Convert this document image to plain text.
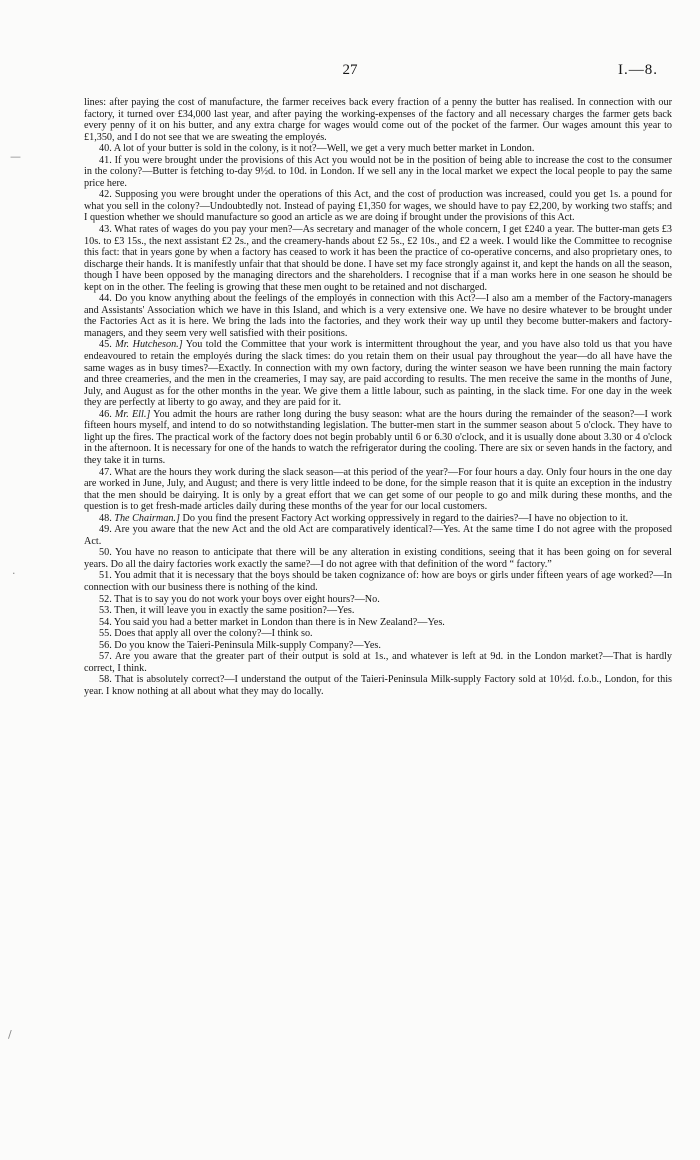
27	I.—8.
—
·
/

lines: after paying the cost of manufacture, the farmer receives back every fraction of a penny the butter has realised. In connection with our factory, it turned over £34,000 last year, and after paying the working-expenses of the factory and all necessary charges the farmer gets back every penny of it on his butter, and any extra charge for wages would come out of the pocket of the farmer. Our wages amount this year to £1,350, and I do not see that we are sweating the employés.

40. A lot of your butter is sold in the colony, is it not?—Well, we get a very much better market in London.

41. If you were brought under the provisions of this Act you would not be in the position of being able to increase the cost to the consumer in the colony?—Butter is fetching to-day 9½d. to 10d. in London. If we sell any in the local market we expect the local people to pay the same price here.

42. Supposing you were brought under the operations of this Act, and the cost of production was increased, could you get 1s. a pound for what you sell in the colony?—Undoubtedly not. Instead of paying £1,350 for wages, we should have to pay £2,200, by working two staffs; and I question whether we should manufacture so good an article as we are doing if brought under the provisions of this Act.

43. What rates of wages do you pay your men?—As secretary and manager of the whole concern, I get £240 a year. The butter-man gets £3 10s. to £3 15s., the next assistant £2 2s., and the creamery-hands about £2 5s., £2 10s., and £2 a week. I would like the Committee to recognise this fact: that in years gone by when a factory has ceased to work it has been the practice of co-operative concerns, and also proprietary ones, to discharge their hands. It is manifestly unfair that that should be done. I have set my face strongly against it, and kept the hands on all the season, though I have been opposed by the managing directors and the shareholders. I recognise that if a man works here in one season he should be kept on in the other. The feeling is growing that these men ought to be retained and not discharged.

44. Do you know anything about the feelings of the employés in connection with this Act?—I also am a member of the Factory-managers and Assistants' Association which we have in this Island, and which is a very extensive one. We have no desire whatever to be brought under the Factories Act as it is here. We bring the lads into the factories, and they work their way up until they become butter-makers and factory-managers, and they seem very well satisfied with their positions.

45. Mr. Hutcheson.] You told the Committee that your work is intermittent throughout the year, and you have also told us that you have endeavoured to retain the employés during the slack times: do you retain them on their usual pay throughout the year—do all have have the same wages as in busy times?—Exactly. In connection with my own factory, during the winter season we have been running the main factory and three creameries, and the men in the creameries, I may say, are paid according to results. The men receive the same in the months of June, July, and August as for the other months in the year. We give them a little labour, such as painting, in the slack time. For one day in the week they are perfectly at liberty to go away, and they are paid for it.

46. Mr. Ell.] You admit the hours are rather long during the busy season: what are the hours during the remainder of the season?—I work fifteen hours myself, and intend to do so notwithstanding legislation. The butter-men start in the summer season about 5 o'clock. They have to light up the fires. The practical work of the factory does not begin probably until 6 or 6.30 o'clock, and it is usually done about 3.30 or 4 o'clock in the afternoon. It is necessary for one of the hands to watch the refrigerator during the cooling. There are six or seven hands in the factory, and they take it in turns.

47. What are the hours they work during the slack season—at this period of the year?—For four hours a day. Only four hours in the one day are worked in June, July, and August; and there is very little indeed to be done, for the simple reason that it is quite an exception in the industry that the men should be dairying. It is only by a great effort that we can get some of our people to go and milk during these months, and the question is to get fresh-made articles daily during these months of the year for our local customers.

48. The Chairman.] Do you find the present Factory Act working oppressively in regard to the dairies?—I have no objection to it.

49. Are you aware that the new Act and the old Act are comparatively identical?—Yes. At the same time I do not agree with the proposed Act.

50. You have no reason to anticipate that there will be any alteration in existing conditions, seeing that it has been going on for several years. Do all the dairy factories work exactly the same?—I do not agree with that definition of the word “ factory.”

51. You admit that it is necessary that the boys should be taken cognizance of: how are boys or girls under fifteen years of age worked?—In connection with our business there is nothing of the kind.

52. That is to say you do not work your boys over eight hours?—No.

53. Then, it will leave you in exactly the same position?—Yes.

54. You said you had a better market in London than there is in New Zealand?—Yes.

55. Does that apply all over the colony?—I think so.

56. Do you know the Taieri-Peninsula Milk-supply Company?—Yes.

57. Are you aware that the greater part of their output is sold at 1s., and whatever is left at 9d. in the London market?—That is hardly correct, I think.

58. That is absolutely correct?—I understand the output of the Taieri-Peninsula Milk-supply Factory sold at 10½d. f.o.b., London, for this year. I know nothing at all about what they may do locally.
